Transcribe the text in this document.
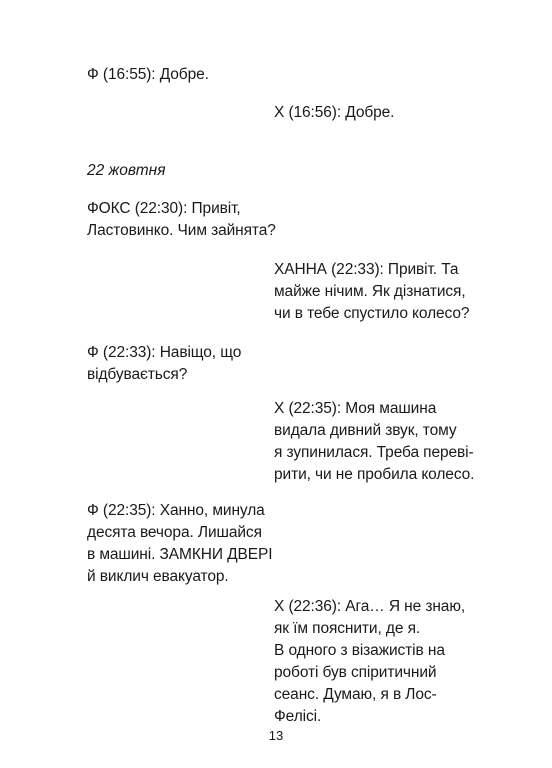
Ф (16:55): Добре.
Х (16:56): Добре.
22 жовтня
ФОКС (22:30): Привіт,
Ластовинко. Чим зайнята?
ХАННА (22:33): Привіт. Та
майже нічим. Як дізнатися,
чи в тебе спустило колесо?
Ф (22:33): Навіщо, що
відбувається?
Х (22:35): Моя машина
видала дивний звук, тому
я зупинилася. Треба переві-
рити, чи не пробила колесо.
Ф (22:35): Ханно, минула
десята вечора. Лишайся
в машині. ЗАМКНИ ДВЕРІ
й виклич евакуатор.
Х (22:36): Ага… Я не знаю,
як їм пояснити, де я.
В одного з візажистів на
роботі був спіритичний
сеанс. Думаю, я в Лос-
Феліcі.
13
